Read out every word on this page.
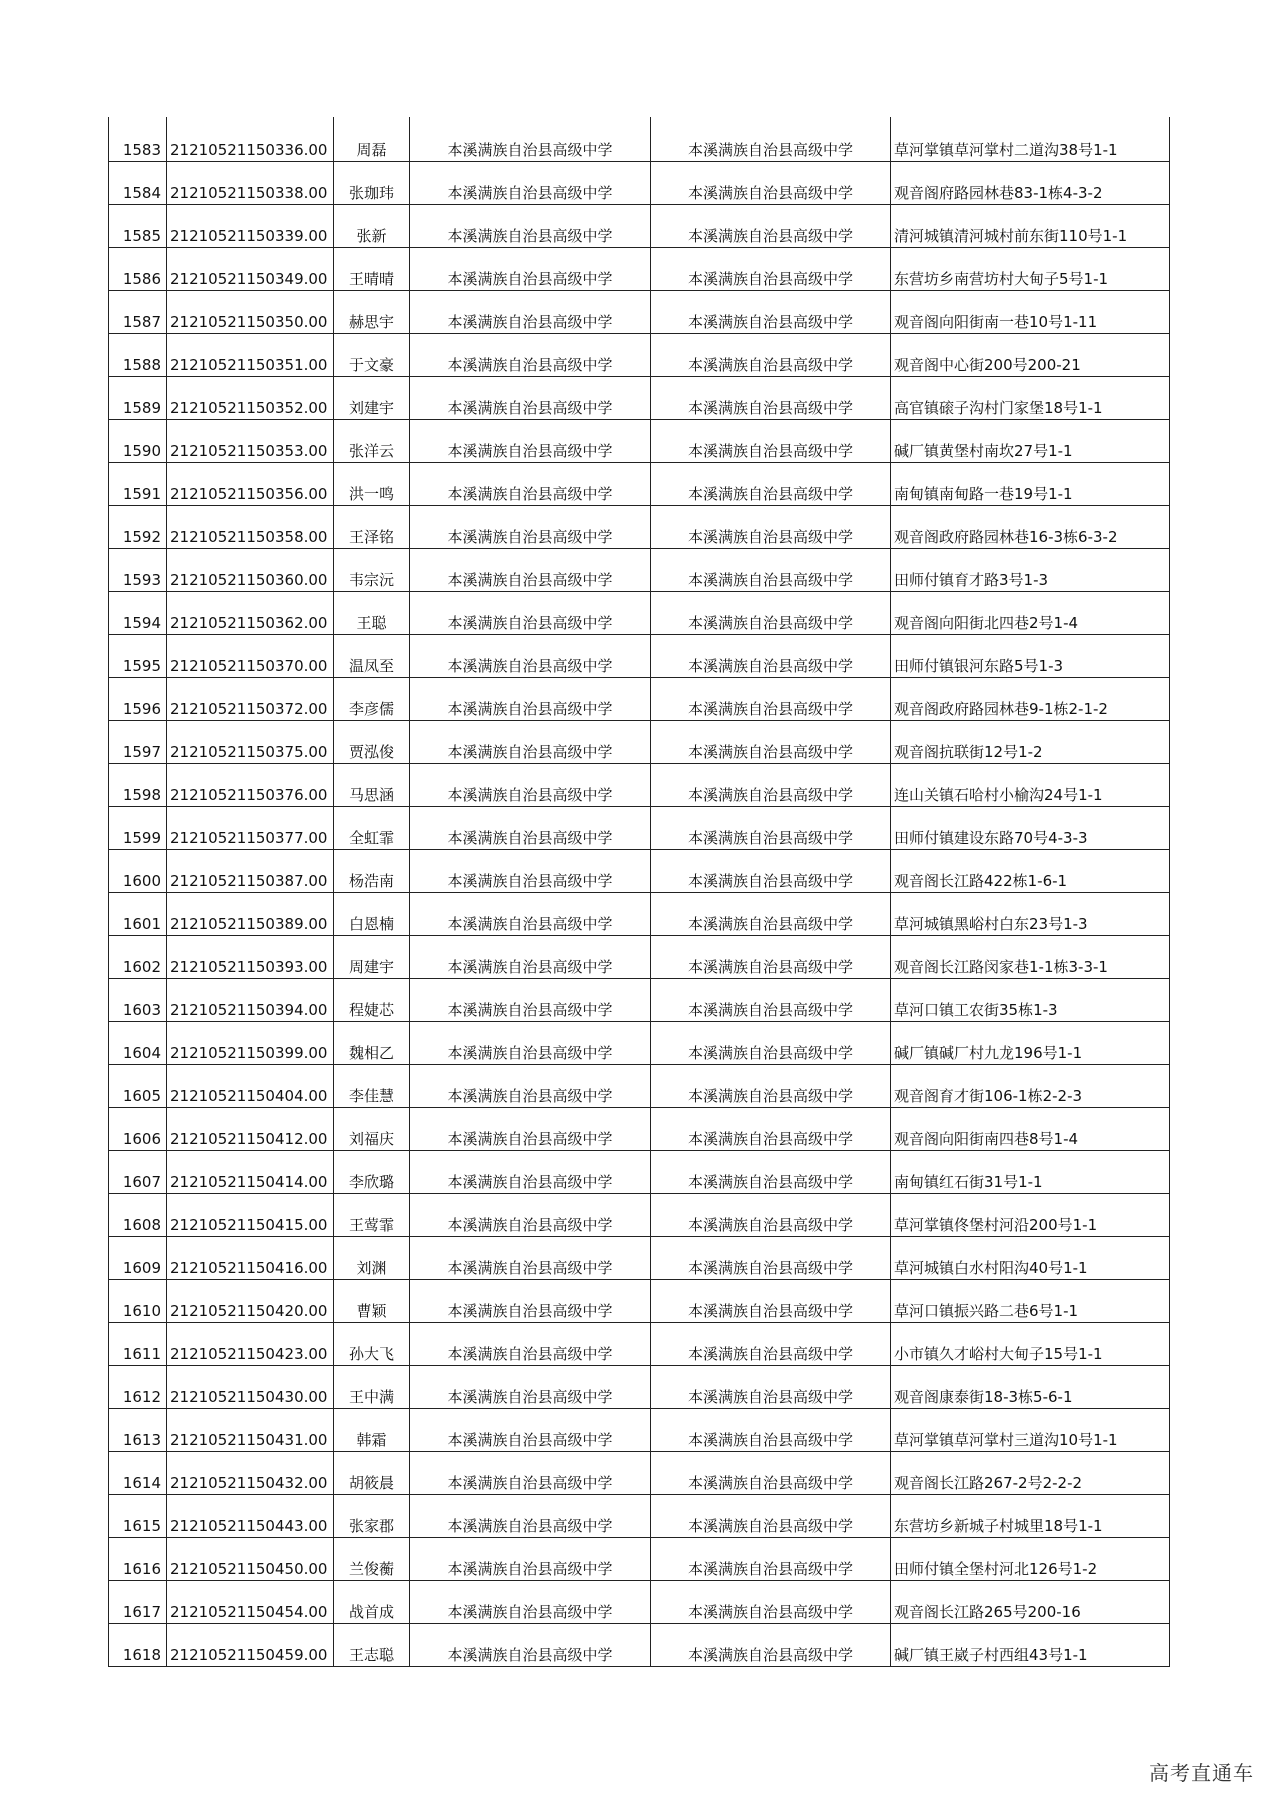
1583	21210521150336.00	周磊	本溪满族自治县高级中学	本溪满族自治县高级中学	草河掌镇草河掌村二道沟38号1-1
1584	21210521150338.00	张珈玮	本溪满族自治县高级中学	本溪满族自治县高级中学	观音阁府路园林巷83-1栋4-3-2
1585	21210521150339.00	张新	本溪满族自治县高级中学	本溪满族自治县高级中学	清河城镇清河城村前东街110号1-1
1586	21210521150349.00	王晴晴	本溪满族自治县高级中学	本溪满族自治县高级中学	东营坊乡南营坊村大甸子5号1-1
1587	21210521150350.00	赫思宇	本溪满族自治县高级中学	本溪满族自治县高级中学	观音阁向阳街南一巷10号1-11
1588	21210521150351.00	于文豪	本溪满族自治县高级中学	本溪满族自治县高级中学	观音阁中心街200号200-21
1589	21210521150352.00	刘建宇	本溪满族自治县高级中学	本溪满族自治县高级中学	高官镇磙子沟村门家堡18号1-1
1590	21210521150353.00	张洋云	本溪满族自治县高级中学	本溪满族自治县高级中学	碱厂镇黄堡村南坎27号1-1
1591	21210521150356.00	洪一鸣	本溪满族自治县高级中学	本溪满族自治县高级中学	南甸镇南甸路一巷19号1-1
1592	21210521150358.00	王泽铭	本溪满族自治县高级中学	本溪满族自治县高级中学	观音阁政府路园林巷16-3栋6-3-2
1593	21210521150360.00	韦宗沅	本溪满族自治县高级中学	本溪满族自治县高级中学	田师付镇育才路3号1-3
1594	21210521150362.00	王聪	本溪满族自治县高级中学	本溪满族自治县高级中学	观音阁向阳街北四巷2号1-4
1595	21210521150370.00	温凤至	本溪满族自治县高级中学	本溪满族自治县高级中学	田师付镇银河东路5号1-3
1596	21210521150372.00	李彦儒	本溪满族自治县高级中学	本溪满族自治县高级中学	观音阁政府路园林巷9-1栋2-1-2
1597	21210521150375.00	贾泓俊	本溪满族自治县高级中学	本溪满族自治县高级中学	观音阁抗联街12号1-2
1598	21210521150376.00	马思涵	本溪满族自治县高级中学	本溪满族自治县高级中学	连山关镇石哈村小榆沟24号1-1
1599	21210521150377.00	全虹霏	本溪满族自治县高级中学	本溪满族自治县高级中学	田师付镇建设东路70号4-3-3
1600	21210521150387.00	杨浩南	本溪满族自治县高级中学	本溪满族自治县高级中学	观音阁长江路422栋1-6-1
1601	21210521150389.00	白恩楠	本溪满族自治县高级中学	本溪满族自治县高级中学	草河城镇黑峪村白东23号1-3
1602	21210521150393.00	周建宇	本溪满族自治县高级中学	本溪满族自治县高级中学	观音阁长江路闵家巷1-1栋3-3-1
1603	21210521150394.00	程婕芯	本溪满族自治县高级中学	本溪满族自治县高级中学	草河口镇工农街35栋1-3
1604	21210521150399.00	魏相乙	本溪满族自治县高级中学	本溪满族自治县高级中学	碱厂镇碱厂村九龙196号1-1
1605	21210521150404.00	李佳慧	本溪满族自治县高级中学	本溪满族自治县高级中学	观音阁育才街106-1栋2-2-3
1606	21210521150412.00	刘福庆	本溪满族自治县高级中学	本溪满族自治县高级中学	观音阁向阳街南四巷8号1-4
1607	21210521150414.00	李欣璐	本溪满族自治县高级中学	本溪满族自治县高级中学	南甸镇红石街31号1-1
1608	21210521150415.00	王莺霏	本溪满族自治县高级中学	本溪满族自治县高级中学	草河掌镇佟堡村河沿200号1-1
1609	21210521150416.00	刘渊	本溪满族自治县高级中学	本溪满族自治县高级中学	草河城镇白水村阳沟40号1-1
1610	21210521150420.00	曹颖	本溪满族自治县高级中学	本溪满族自治县高级中学	草河口镇振兴路二巷6号1-1
1611	21210521150423.00	孙大飞	本溪满族自治县高级中学	本溪满族自治县高级中学	小市镇久才峪村大甸子15号1-1
1612	21210521150430.00	王中满	本溪满族自治县高级中学	本溪满族自治县高级中学	观音阁康泰街18-3栋5-6-1
1613	21210521150431.00	韩霜	本溪满族自治县高级中学	本溪满族自治县高级中学	草河掌镇草河掌村三道沟10号1-1
1614	21210521150432.00	胡筱晨	本溪满族自治县高级中学	本溪满族自治县高级中学	观音阁长江路267-2号2-2-2
1615	21210521150443.00	张家郡	本溪满族自治县高级中学	本溪满族自治县高级中学	东营坊乡新城子村城里18号1-1
1616	21210521150450.00	兰俊蘅	本溪满族自治县高级中学	本溪满族自治县高级中学	田师付镇全堡村河北126号1-2
1617	21210521150454.00	战首成	本溪满族自治县高级中学	本溪满族自治县高级中学	观音阁长江路265号200-16
1618	21210521150459.00	王志聪	本溪满族自治县高级中学	本溪满族自治县高级中学	碱厂镇王崴子村西组43号1-1
高考直通车
